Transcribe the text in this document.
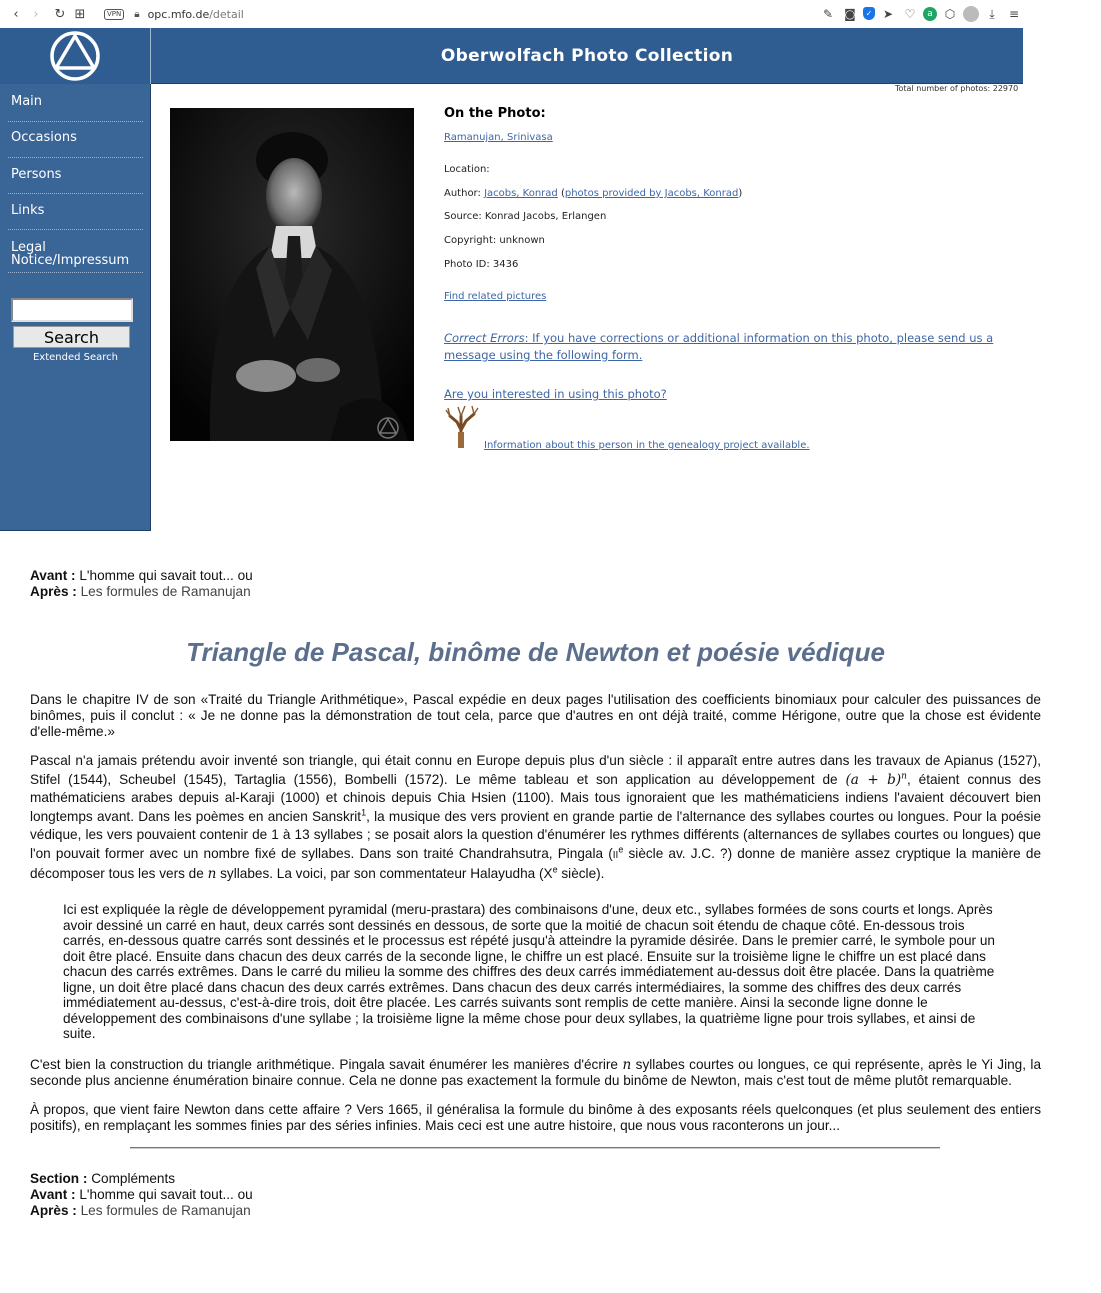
‹	›	↻ ⊞	VPN	🔒︎ opc.mfo.de/detail	✎ ◙	✓ ➤ ♡	a	⬡	⤓	≡
Oberwolfach Photo Collection
Total number of photos: 22970
Main
Occasions
Persons
Links
Legal Notice/Impressum
Search
Extended Search
On the Photo:
Ramanujan, Srinivasa
Location:
Author: Jacobs, Konrad (photos provided by Jacobs, Konrad)
Source: Konrad Jacobs, Erlangen
Copyright: unknown
Photo ID: 3436
Find related pictures
Correct Errors: If you have corrections or additional information on this photo, please send us a message using the following form.
Are you interested in using this photo?
Information about this person in the genealogy project available.
Avant : L'homme qui savait tout... ou
Après : Les formules de Ramanujan
Triangle de Pascal, binôme de Newton et poésie védique
Dans le chapitre IV de son «Traité du Triangle Arithmétique», Pascal expédie en deux pages l'utilisation des coefficients binomiaux pour calculer des puissances de binômes, puis il conclut : « Je ne donne pas la démonstration de tout cela, parce que d'autres en ont déjà traité, comme Hérigone, outre que la chose est évidente d'elle-même.»
Pascal n'a jamais prétendu avoir inventé son triangle, qui était connu en Europe depuis plus d'un siècle : il apparaît entre autres dans les travaux de Apianus (1527), Stifel (1544), Scheubel (1545), Tartaglia (1556), Bombelli (1572). Le même tableau et son application au développement de $(a + b)^n$, étaient connus des mathématiciens arabes depuis al-Karaji (1000) et chinois depuis Chia Hsien (1100). Mais tous ignoraient que les mathématiciens indiens l'avaient découvert bien longtemps avant. Dans les poèmes en ancien Sanskrit$^1$, la musique des vers provient en grande partie de l'alternance des syllabes courtes ou longues. Pour la poésie védique, les vers pouvaient contenir de 1 à 13 syllabes ; se posait alors la question d'énumérer les rythmes différents (alternances de syllabes courtes ou longues) que l'on pouvait former avec un nombre fixé de syllabes. Dans son traité Chandrahsutra, Pingala (IIe siècle av. J.C. ?) donne de manière assez cryptique la manière de décomposer tous les vers de n syllabes. La voici, par son commentateur Halayudha (Xe siècle).
Ici est expliquée la règle de développement pyramidal (meru-prastara) des combinaisons d'une, deux etc., syllabes formées de sons courts et longs. Après avoir dessiné un carré en haut, deux carrés sont dessinés en dessous, de sorte que la moitié de chacun soit étendu de chaque côté. En-dessous trois carrés, en-dessous quatre carrés sont dessinés et le processus est répété jusqu'à atteindre la pyramide désirée. Dans le premier carré, le symbole pour un doit être placé. Ensuite dans chacun des deux carrés de la seconde ligne, le chiffre un est placé. Ensuite sur la troisième ligne le chiffre un est placé dans chacun des carrés extrêmes. Dans le carré du milieu la somme des chiffres des deux carrés immédiatement au-dessus doit être placée. Dans la quatrième ligne, un doit être placé dans chacun des deux carrés extrêmes. Dans chacun des deux carrés intermédiaires, la somme des chiffres des deux carrés immédiatement au-dessus, c'est-à-dire trois, doit être placée. Les carrés suivants sont remplis de cette manière. Ainsi la seconde ligne donne le développement des combinaisons d'une syllabe ; la troisième ligne la même chose pour deux syllabes, la quatrième ligne pour trois syllabes, et ainsi de suite.
C'est bien la construction du triangle arithmétique. Pingala savait énumérer les manières d'écrire n syllabes courtes ou longues, ce qui représente, après le Yi Jing, la seconde plus ancienne énumération binaire connue. Cela ne donne pas exactement la formule du binôme de Newton, mais c'est tout de même plutôt remarquable.
À propos, que vient faire Newton dans cette affaire ? Vers 1665, il généralisa la formule du binôme à des exposants réels quelconques (et plus seulement des entiers positifs), en remplaçant les sommes finies par des séries infinies. Mais ceci est une autre histoire, que nous vous raconterons un jour...
Section : Compléments
Avant : L'homme qui savait tout... ou
Après : Les formules de Ramanujan
